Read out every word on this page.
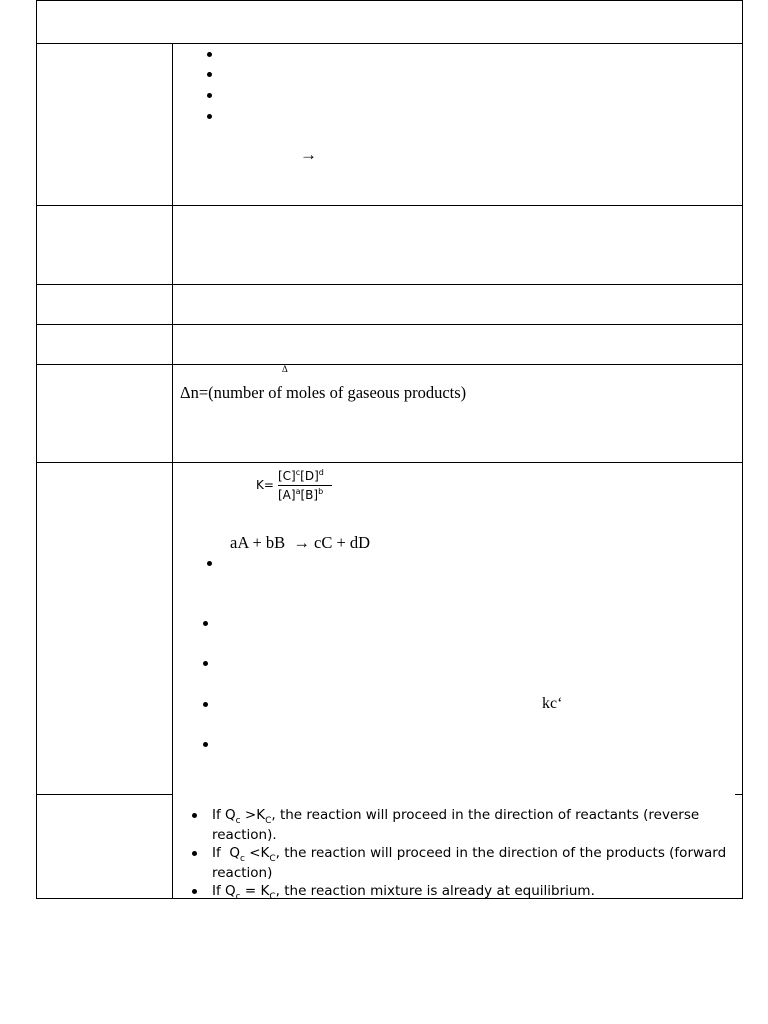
→
Δ
Δn=(number of moles of gaseous products)
K=
$[C]^c[D]^d$
$[A]^a[B]^b$
aA + bB  → cC + dD
kc‘
If $Q_c >K_C$, the reaction will proceed in the direction of reactants (reverse reaction).
If  $Q_c <K_C$, the reaction will proceed in the direction of the products (forward reaction)
If $Q_c = K_C$, the reaction mixture is already at equilibrium.
